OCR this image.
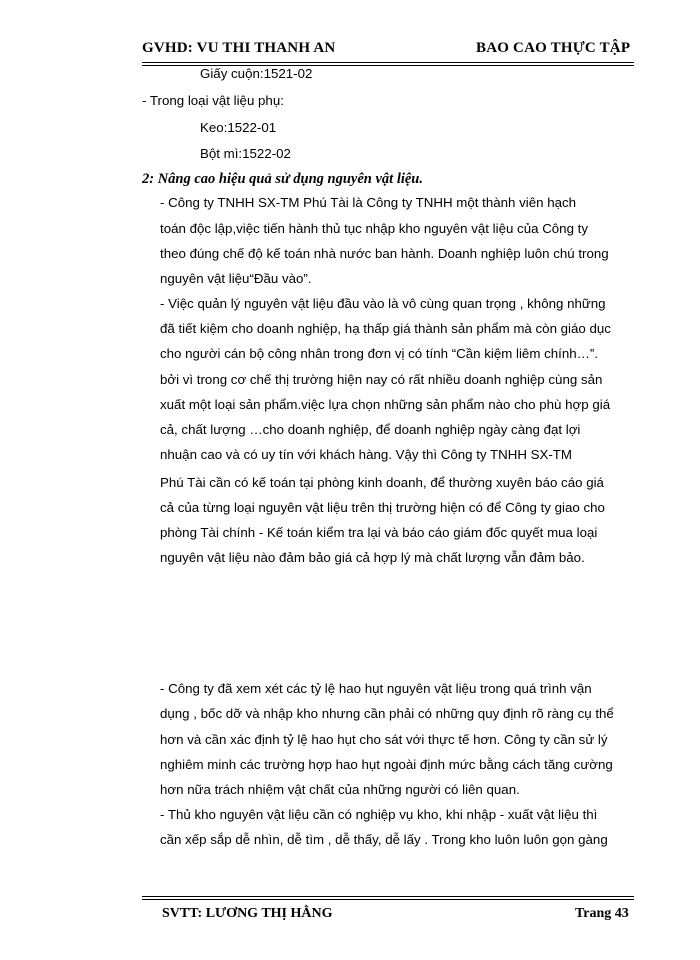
GVHD: VU THI THANH AN	BAO CAO THỰC TẬP
Giấy cuộn:1521-02
- Trong loại vật liệu phụ:
Keo:1522-01
Bột mì:1522-02
2: Nâng cao hiệu quả sử dụng nguyên vật liệu.
- Công ty TNHH SX-TM Phú Tài là Công ty TNHH một thành viên hạch
toán độc lập,việc tiến hành thủ tục nhập kho nguyên vật liệu của Công ty
theo đúng chế độ kế toán nhà nước ban hành. Doanh nghiệp luôn chú trong
nguyên vật liệu“Đầu vào”.
- Việc quản lý nguyên vật liệu đầu vào là vô cùng quan trọng , không những
đã tiết kiệm cho doanh nghiệp, hạ thấp giá thành sản phẩm mà còn giáo dục
cho người cán bộ công nhân trong đơn vị có tính “Cần kiệm liêm chính…”.
bởi vì trong cơ chế thị trường hiện nay có rất nhiều doanh nghiệp cùng sản
xuất một loại sản phẩm.việc lựa chọn những sản phẩm nào cho phù hợp giá
cả, chất lượng …cho doanh nghiệp, để doanh nghiệp ngày càng đạt lợi
nhuận cao và có uy tín với khách hàng. Vậy thì Công ty TNHH SX-TM
Phú Tài cần có kế toán tại phòng kinh doanh, để thường xuyên báo cáo giá
cả của từng loại nguyên vật liệu trên thị trường hiện có để Công ty giao cho
phòng Tài chính - Kế toán kiểm tra lại và báo cáo giám đốc quyết mua loại
nguyên vật liệu nào đảm bảo giá cả hợp lý mà chất lượng vẫn đảm bảo.
- Công ty đã xem xét các tỷ lệ hao hụt nguyên vật liệu trong quá trình vận
dụng , bốc dỡ và nhập kho nhưng cần phải có những quy định rõ ràng cụ thể
hơn và cần xác định tỷ lệ hao hụt cho sát với thực tế hơn. Công ty cần sử lý
nghiêm minh các trường hợp hao hụt ngoài định mức bằng cách tăng cường
hơn nữa trách nhiệm vật chất của những người có liên quan.
- Thủ kho nguyên vật liệu cần có nghiệp vụ kho, khi nhập - xuất vật liệu thì
cần xếp sắp dễ nhìn, dễ tìm , dễ thấy, dễ lấy . Trong kho luôn luôn gọn gàng
SVTT: LƯƠNG THỊ HẰNG	Trang 43
